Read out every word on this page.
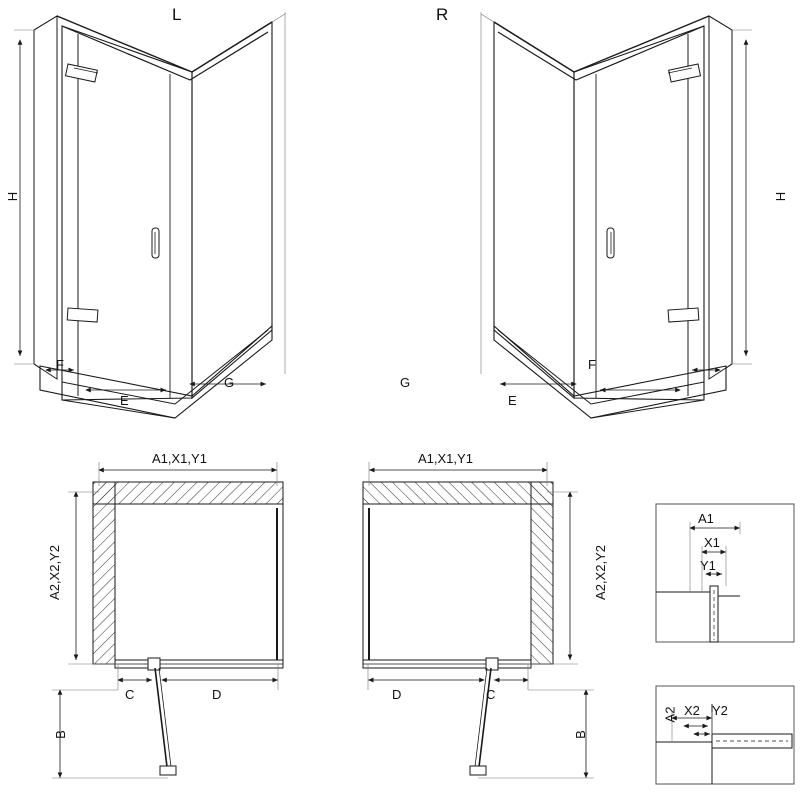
L	R
H
F
E
G
H
F
E
G
A1,X1,Y1
A2,X2,Y2
C	D
B
A1,X1,Y1
A2,X2,Y2
D	C
B
A1
X1
Y1
A2 X2 Y2
